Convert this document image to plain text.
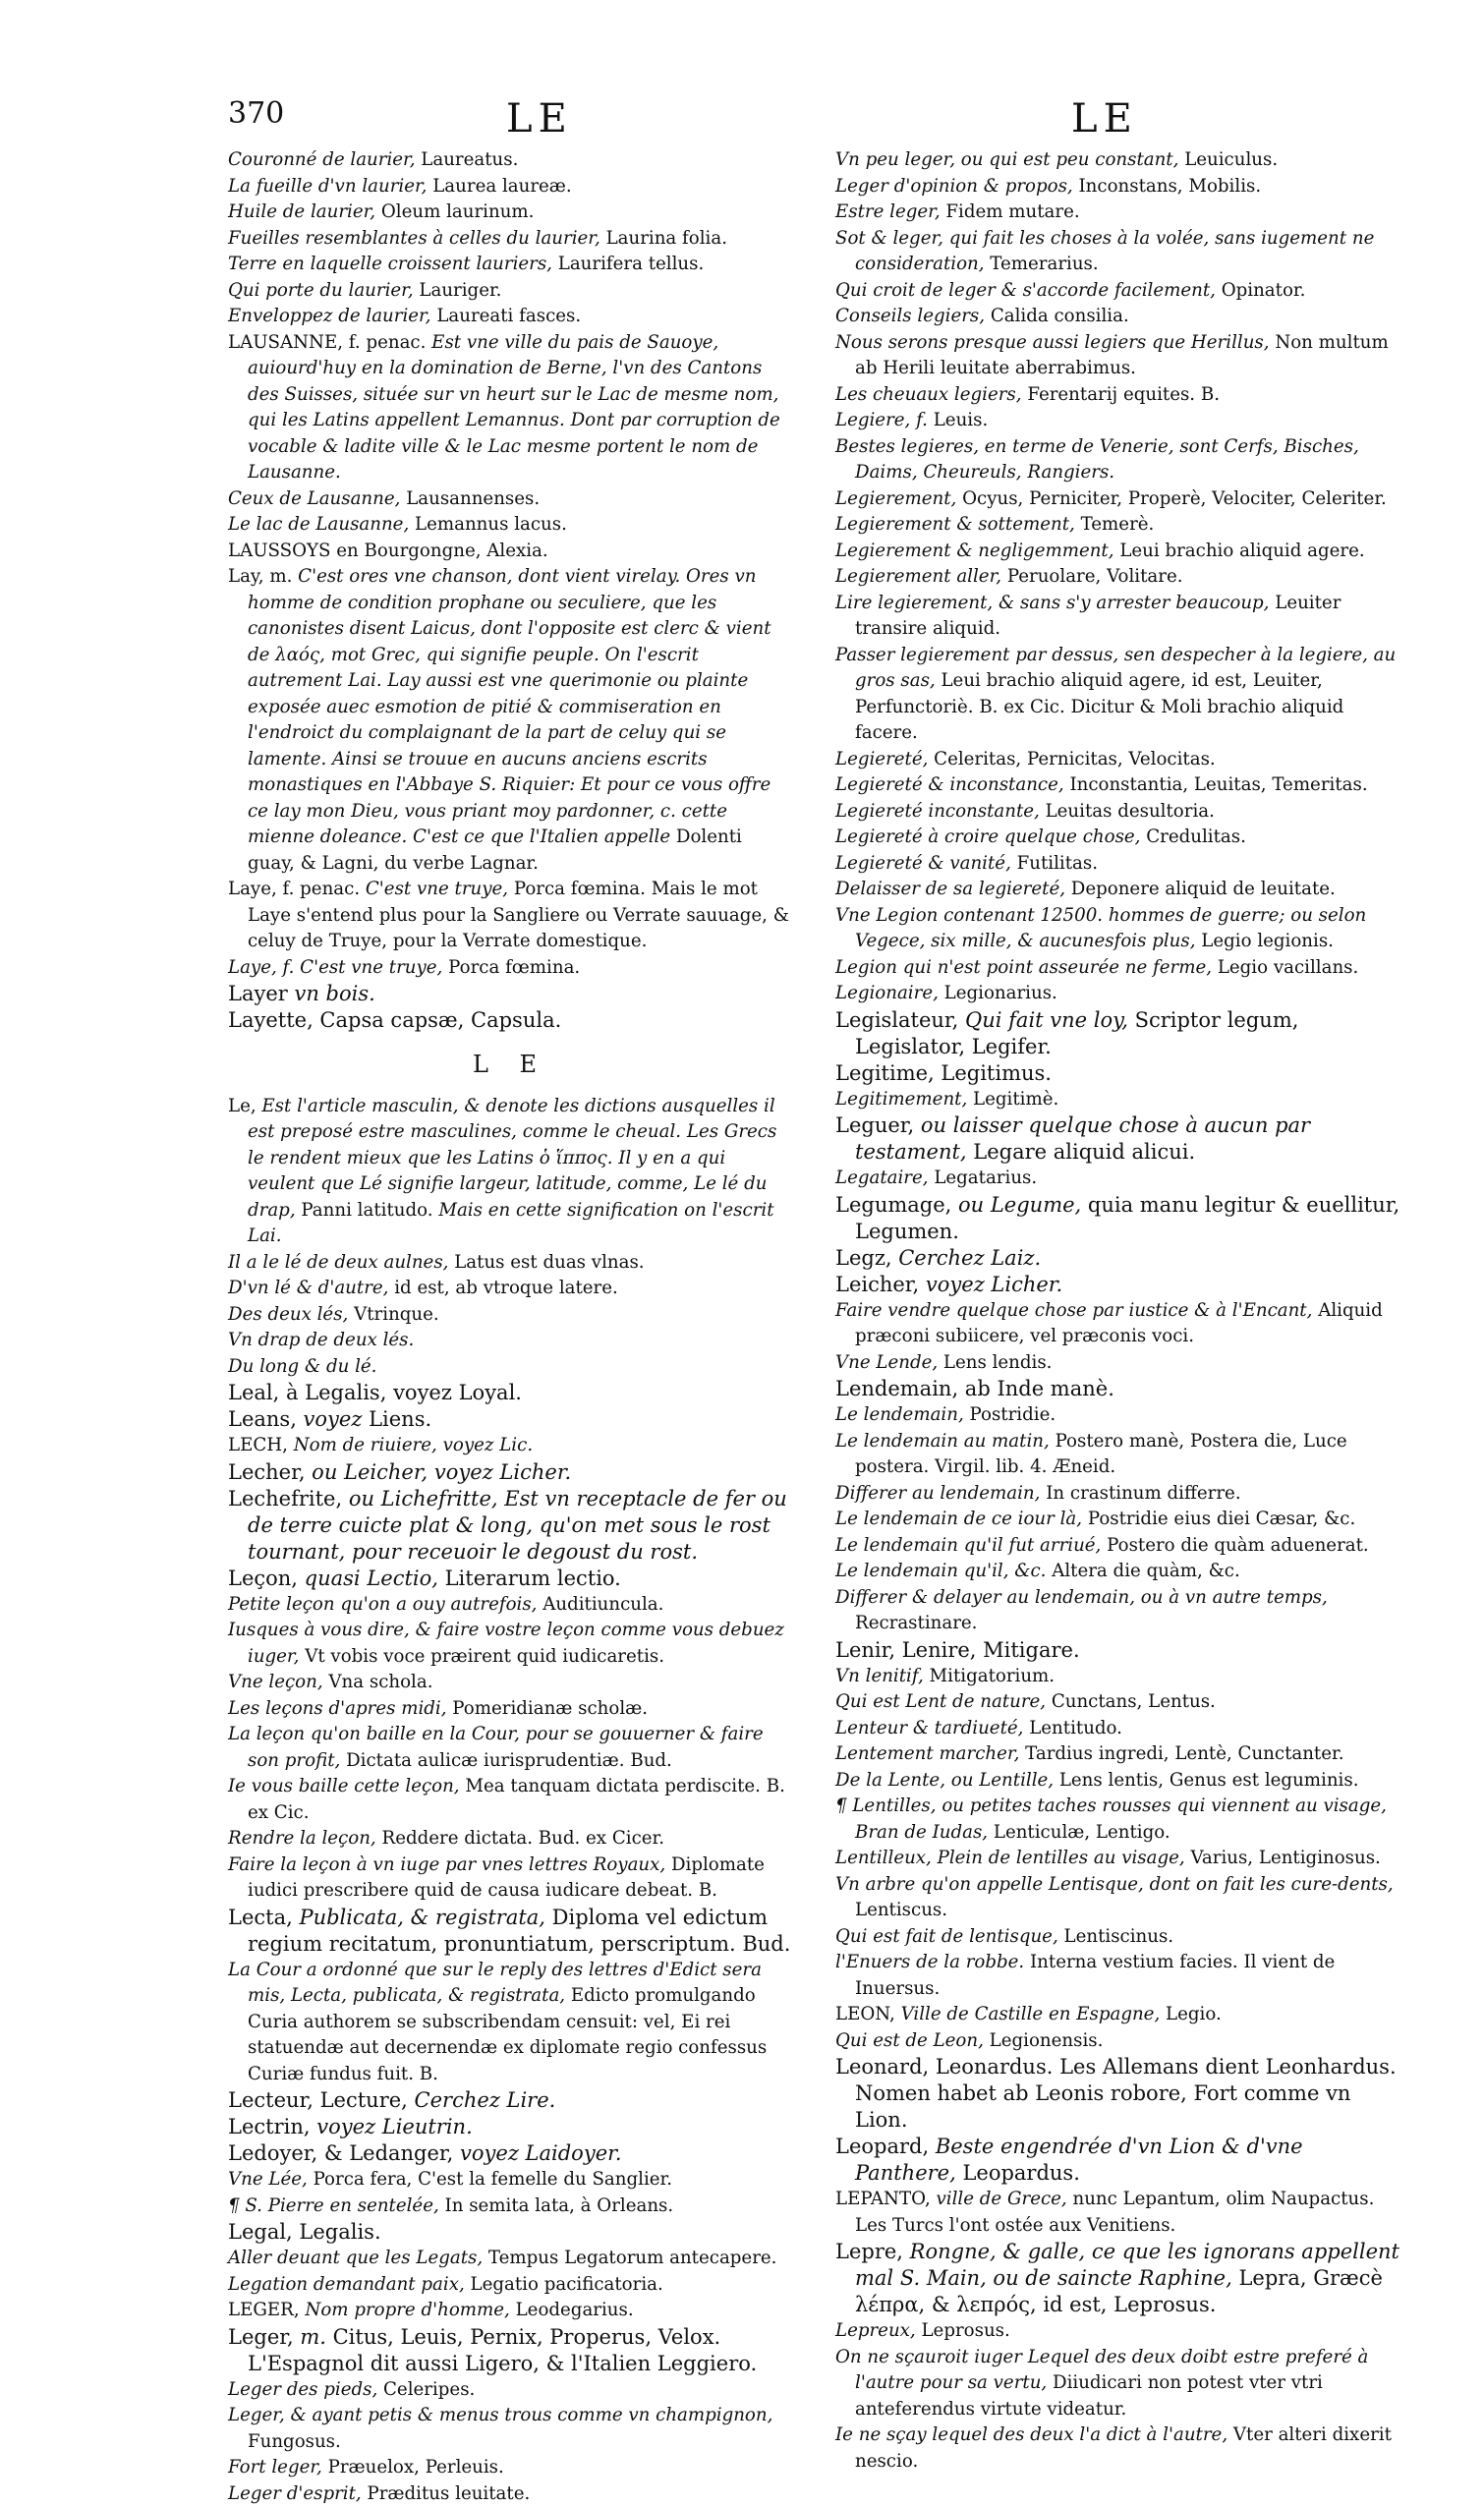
370	LE	LE

Couronné de laurier, Laureatus.

La fueille d'vn laurier, Laurea laureæ.

Huile de laurier, Oleum laurinum.

Fueilles resemblantes à celles du laurier, Laurina folia.

Terre en laquelle croissent lauriers, Laurifera tellus.

Qui porte du laurier, Lauriger.

Enveloppez de laurier, Laureati fasces.

LAUSANNE, f. penac. Est vne ville du pais de Sauoye, auiourd'huy en la domination de Berne, l'vn des Cantons des Suisses, située sur vn heurt sur le Lac de mesme nom, qui les Latins appellent Lemannus. Dont par corruption de vocable & ladite ville & le Lac mesme portent le nom de Lausanne.

Ceux de Lausanne, Lausannenses.

Le lac de Lausanne, Lemannus lacus.

LAUSSOYS en Bourgongne, Alexia.

Lay, m. C'est ores vne chanson, dont vient virelay. Ores vn homme de condition prophane ou seculiere, que les canonistes disent Laicus, dont l'opposite est clerc & vient de λαός, mot Grec, qui signifie peuple. On l'escrit autrement Lai. Lay aussi est vne querimonie ou plainte exposée auec esmotion de pitié & commiseration en l'endroict du complaignant de la part de celuy qui se lamente. Ainsi se trouue en aucuns anciens escrits monastiques en l'Abbaye S. Riquier: Et pour ce vous offre ce lay mon Dieu, vous priant moy pardonner, c. cette mienne doleance. C'est ce que l'Italien appelle Dolenti guay, & Lagni, du verbe Lagnar.

Laye, f. penac. C'est vne truye, Porca fœmina. Mais le mot Laye s'entend plus pour la Sangliere ou Verrate sauuage, & celuy de Truye, pour la Verrate domestique.

Laye, f. C'est vne truye, Porca fœmina.

Layer vn bois.

Layette, Capsa capsæ, Capsula.

L E

Le, Est l'article masculin, & denote les dictions ausquelles il est preposé estre masculines, comme le cheual. Les Grecs le rendent mieux que les Latins ὁ ἵππος. Il y en a qui veulent que Lé signifie largeur, latitude, comme, Le lé du drap, Panni latitudo. Mais en cette signification on l'escrit Lai.

Il a le lé de deux aulnes, Latus est duas vlnas.

D'vn lé & d'autre, id est, ab vtroque latere.

Des deux lés, Vtrinque.

Vn drap de deux lés.

Du long & du lé.

Leal, à Legalis, voyez Loyal.

Leans, voyez Liens.

LECH, Nom de riuiere, voyez Lic.

Lecher, ou Leicher, voyez Licher.

Lechefrite, ou Lichefritte, Est vn receptacle de fer ou de terre cuicte plat & long, qu'on met sous le rost tournant, pour receuoir le degoust du rost.

Leçon, quasi Lectio, Literarum lectio.

Petite leçon qu'on a ouy autrefois, Auditiuncula.

Iusques à vous dire, & faire vostre leçon comme vous debuez iuger, Vt vobis voce præirent quid iudicaretis.

Vne leçon, Vna schola.

Les leçons d'apres midi, Pomeridianæ scholæ.

La leçon qu'on baille en la Cour, pour se gouuerner & faire son profit, Dictata aulicæ iurisprudentiæ. Bud.

Ie vous baille cette leçon, Mea tanquam dictata perdiscite. B. ex Cic.

Rendre la leçon, Reddere dictata. Bud. ex Cicer.

Faire la leçon à vn iuge par vnes lettres Royaux, Diplomate iudici prescribere quid de causa iudicare debeat. B.

Lecta, Publicata, & registrata, Diploma vel edictum regium recitatum, pronuntiatum, perscriptum. Bud.

La Cour a ordonné que sur le reply des lettres d'Edict sera mis, Lecta, publicata, & registrata, Edicto promulgando Curia authorem se subscribendam censuit: vel, Ei rei statuendæ aut decernendæ ex diplomate regio confessus Curiæ fundus fuit. B.

Lecteur, Lecture, Cerchez Lire.

Lectrin, voyez Lieutrin.

Ledoyer, & Ledanger, voyez Laidoyer.

Vne Lée, Porca fera, C'est la femelle du Sanglier.

¶ S. Pierre en sentelée, In semita lata, à Orleans.

Legal, Legalis.

Aller deuant que les Legats, Tempus Legatorum antecapere.

Legation demandant paix, Legatio pacificatoria.

LEGER, Nom propre d'homme, Leodegarius.

Leger, m. Citus, Leuis, Pernix, Properus, Velox. L'Espagnol dit aussi Ligero, & l'Italien Leggiero.

Leger des pieds, Celeripes.

Leger, & ayant petis & menus trous comme vn champignon, Fungosus.

Fort leger, Præuelox, Perleuis.

Leger d'esprit, Præditus leuitate.

Vn peu leger, ou qui est peu constant, Leuiculus.

Leger d'opinion & propos, Inconstans, Mobilis.

Estre leger, Fidem mutare.

Sot & leger, qui fait les choses à la volée, sans iugement ne consideration, Temerarius.

Qui croit de leger & s'accorde facilement, Opinator.

Conseils legiers, Calida consilia.

Nous serons presque aussi legiers que Herillus, Non multum ab Herili leuitate aberrabimus.

Les cheuaux legiers, Ferentarij equites. B.

Legiere, f. Leuis.

Bestes legieres, en terme de Venerie, sont Cerfs, Bisches, Daims, Cheureuls, Rangiers.

Legierement, Ocyus, Perniciter, Properè, Velociter, Celeriter.

Legierement & sottement, Temerè.

Legierement & negligemment, Leui brachio aliquid agere.

Legierement aller, Peruolare, Volitare.

Lire legierement, & sans s'y arrester beaucoup, Leuiter transire aliquid.

Passer legierement par dessus, sen despecher à la legiere, au gros sas, Leui brachio aliquid agere, id est, Leuiter, Perfunctoriè. B. ex Cic. Dicitur & Moli brachio aliquid facere.

Legiereté, Celeritas, Pernicitas, Velocitas.

Legiereté & inconstance, Inconstantia, Leuitas, Temeritas.

Legiereté inconstante, Leuitas desultoria.

Legiereté à croire quelque chose, Credulitas.

Legiereté & vanité, Futilitas.

Delaisser de sa legiereté, Deponere aliquid de leuitate.

Vne Legion contenant 12500. hommes de guerre; ou selon Vegece, six mille, & aucunesfois plus, Legio legionis.

Legion qui n'est point asseurée ne ferme, Legio vacillans.

Legionaire, Legionarius.

Legislateur, Qui fait vne loy, Scriptor legum, Legislator, Legifer.

Legitime, Legitimus.

Legitimement, Legitimè.

Leguer, ou laisser quelque chose à aucun par testament, Legare aliquid alicui.

Legataire, Legatarius.

Legumage, ou Legume, quia manu legitur & euellitur, Legumen.

Legz, Cerchez Laiz.

Leicher, voyez Licher.

Faire vendre quelque chose par iustice & à l'Encant, Aliquid præconi subiicere, vel præconis voci.

Vne Lende, Lens lendis.

Lendemain, ab Inde manè.

Le lendemain, Postridie.

Le lendemain au matin, Postero manè, Postera die, Luce postera. Virgil. lib. 4. Æneid.

Differer au lendemain, In crastinum differre.

Le lendemain de ce iour là, Postridie eius diei Cæsar, &c.

Le lendemain qu'il fut arriué, Postero die quàm aduenerat.

Le lendemain qu'il, &c. Altera die quàm, &c.

Differer & delayer au lendemain, ou à vn autre temps, Recrastinare.

Lenir, Lenire, Mitigare.

Vn lenitif, Mitigatorium.

Qui est Lent de nature, Cunctans, Lentus.

Lenteur & tardiueté, Lentitudo.

Lentement marcher, Tardius ingredi, Lentè, Cunctanter.

De la Lente, ou Lentille, Lens lentis, Genus est leguminis.

¶ Lentilles, ou petites taches rousses qui viennent au visage, Bran de Iudas, Lenticulæ, Lentigo.

Lentilleux, Plein de lentilles au visage, Varius, Lentiginosus.

Vn arbre qu'on appelle Lentisque, dont on fait les cure-dents, Lentiscus.

Qui est fait de lentisque, Lentiscinus.

l'Enuers de la robbe. Interna vestium facies. Il vient de Inuersus.

LEON, Ville de Castille en Espagne, Legio.

Qui est de Leon, Legionensis.

Leonard, Leonardus. Les Allemans dient Leonhardus. Nomen habet ab Leonis robore, Fort comme vn Lion.

Leopard, Beste engendrée d'vn Lion & d'vne Panthere, Leopardus.

LEPANTO, ville de Grece, nunc Lepantum, olim Naupactus. Les Turcs l'ont ostée aux Venitiens.

Lepre, Rongne, & galle, ce que les ignorans appellent mal S. Main, ou de saincte Raphine, Lepra, Græcè λέπρα, & λεπρός, id est, Leprosus.

Lepreux, Leprosus.

On ne sçauroit iuger Lequel des deux doibt estre preferé à l'autre pour sa vertu, Diiudicari non potest vter vtri anteferendus virtute videatur.

Ie ne sçay lequel des deux l'a dict à l'autre, Vter alteri dixerit nescio.
